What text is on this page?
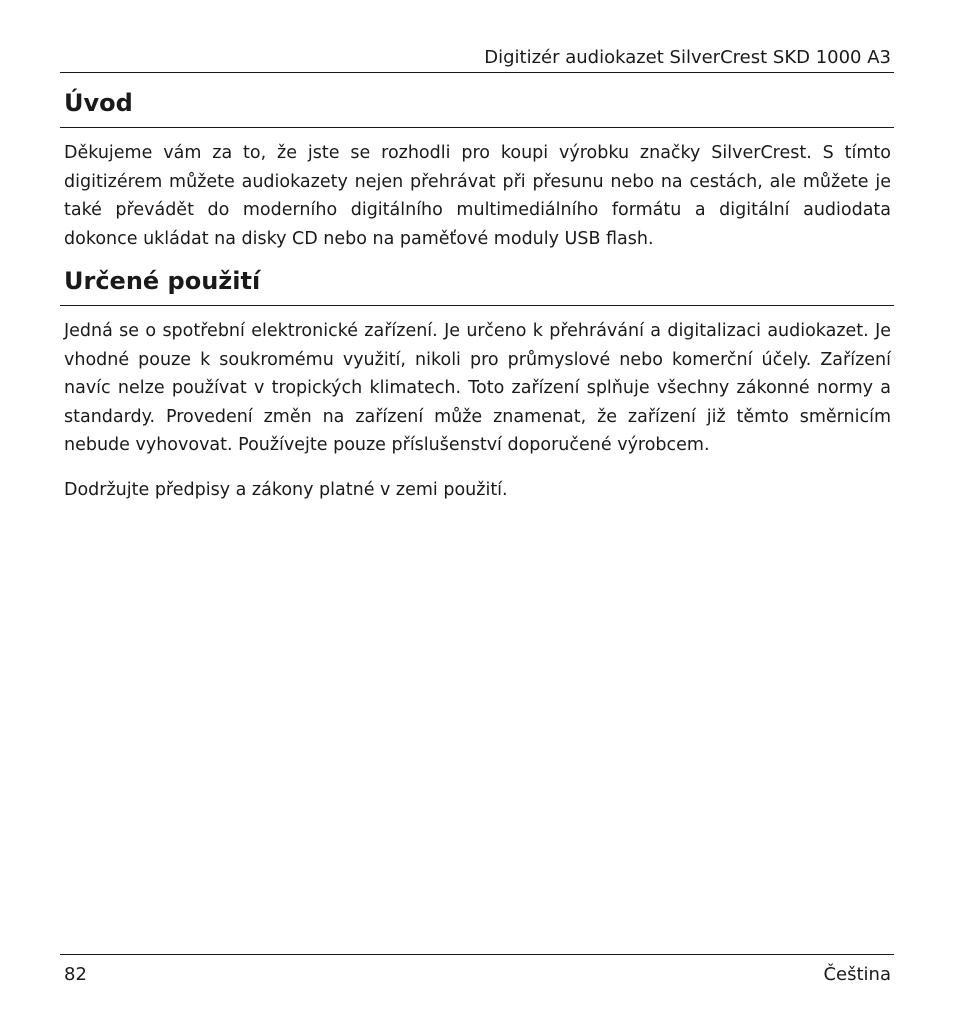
Digitizér audiokazet SilverCrest SKD 1000 A3
Úvod

Děkujeme vám za to, že jste se rozhodli pro koupi výrobku značky SilverCrest. S tímto digitizérem můžete audiokazety nejen přehrávat při přesunu nebo na cestách, ale můžete je také převádět do moderního digitálního multimediálního formátu a digitální audiodata dokonce ukládat na disky CD nebo na paměťové moduly USB flash.

Určené použití

Jedná se o spotřební elektronické zařízení. Je určeno k přehrávání a digitalizaci audiokazet. Je vhodné pouze k soukromému využití, nikoli pro průmyslové nebo komerční účely. Zařízení navíc nelze používat v tropických klimatech. Toto zařízení splňuje všechny zákonné normy a standardy. Provedení změn na zařízení může znamenat, že zařízení již těmto směrnicím nebude vyhovovat. Používejte pouze příslušenství doporučené výrobcem.

Dodržujte předpisy a zákony platné v zemi použití.

82	Čeština
